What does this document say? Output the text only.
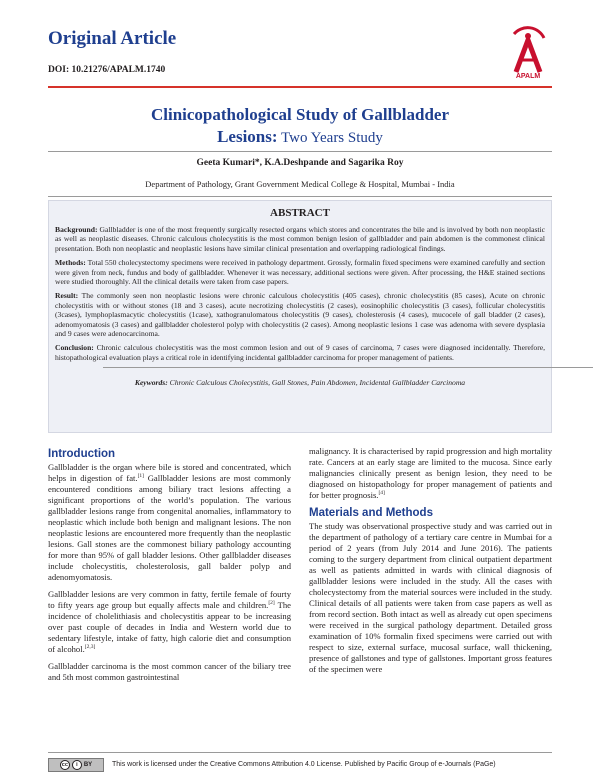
Original Article
DOI: 10.21276/APALM.1740
APALM
Clinicopathological Study of Gallbladder
Lesions: Two Years Study
Geeta Kumari*, K.A.Deshpande and Sagarika Roy
Department of Pathology, Grant Government Medical College & Hospital, Mumbai - India
ABSTRACT

Background: Gallbladder is one of the most frequently surgically resected organs which stores and concentrates the bile and is involved by both non neoplastic as well as neoplastic diseases. Chronic calculous cholecystitis is the most common benign lesion of gallbladder and pain abdomen is the commonest clinical presentation. Both non neoplastic and neoplastic lesions have similar clinical presentation and overlapping radiological findings.

Methods: Total 550 cholecystectomy specimens were received in pathology department. Grossly, formalin fixed specimens were examined carefully and section were given from neck, fundus and body of gallbladder. Whenever it was necessary, additional sections were given. After processing, the H&E stained sections were studied thoroughly. All the clinical details were taken from case papers.

Result: The commonly seen non neoplastic lesions were chronic calculous cholecystitis (405 cases), chronic cholecystitis (85 cases), Acute on chronic cholecystitis with or without stones (18 and 3 cases), acute necrotizing cholecystitis (2 cases), eosinophilic cholecystitis (3 cases), follicular cholecystitis (3cases), lymphoplasmacytic cholecystitis (1case), xathogranulomatous cholecystitis (9 cases), cholesterosis (4 cases), mucocele of gall bladder (2 cases), adenomyomatosis (3 cases) and gallbladder cholesterol polyp with cholecystitis (2 cases). Among neoplastic lesions 1 case was adenoma with severe dysplasia and 9 cases were adenocarcinoma.

Conclusion: Chronic calculous cholecystitis was the most common lesion and out of 9 cases of carcinoma, 7 cases were diagnosed incidentally. Therefore, histopathological evaluation plays a critical role in identifying incidental gallbladder carcinoma for proper management of patients.

Keywords: Chronic Calculous Cholecystitis, Gall Stones, Pain Abdomen, Incidental Gallbladder Carcinoma

Introduction

Gallbladder is the organ where bile is stored and concentrated, which helps in digestion of fat.[1] Gallbladder lesions are most commonly encountered conditions among biliary tract lesions affecting a significant proportions of the world’s population. The various gallbladder lesions range from congenital anomalies, inflammatory to neoplastic which include both benign and malignant lesions. The non neoplastic lesions are encountered more frequently than the neoplastic lesions. Gall stones are the commonest biliary pathology accounting for more than 95% of gall bladder lesions. Other gallbladder diseases include cholecystitis, cholesterolosis, gall balder polyp and adenomyomatosis.

Gallbladder lesions are very common in fatty, fertile female of fourty to fifty years age group but equally affects male and children.[2] The incidence of cholelithiasis and cholecystitis appear to be increasing over past couple of decades in India and Western world due to sedentary lifestyle, intake of fatty, high calorie diet and consumption of alcohol.[2,3]

Gallbladder carcinoma is the most common cancer of the biliary tree and 5th most common gastrointestinal

malignancy. It is characterised by rapid progression and high mortality rate. Cancers at an early stage are limited to the mucosa. Since early malignancies clinically present as benign lesion, they need to be diagnosed on histopathology for proper management of patients and for better prognosis.[4]

Materials and Methods

The study was observational prospective study and was carried out in the department of pathology of a tertiary care centre in Mumbai for a period of 2 years (from July 2014 and June 2016). The patients coming to the surgery department from clinical outpatient department as well as patients admitted in wards with clinical diagnosis of gallbladder lesions were included in the study. All the cases with cholecystectomy from the material sources were included in the study. Clinical details of all patients were taken from case papers as well as from record section. Both intact as well as already cut open specimens were received in the surgical pathology department. Detailed gross examination of 10% formalin fixed specimens were carried out with respect to size, external surface, mucosal surface, wall thickening, presence of gallstones and type of gallstones. Important gross features of the specimen were

cc	i	BY	This work is licensed under the Creative Commons Attribution 4.0 License. Published by Pacific Group of e-Journals (PaGe)
